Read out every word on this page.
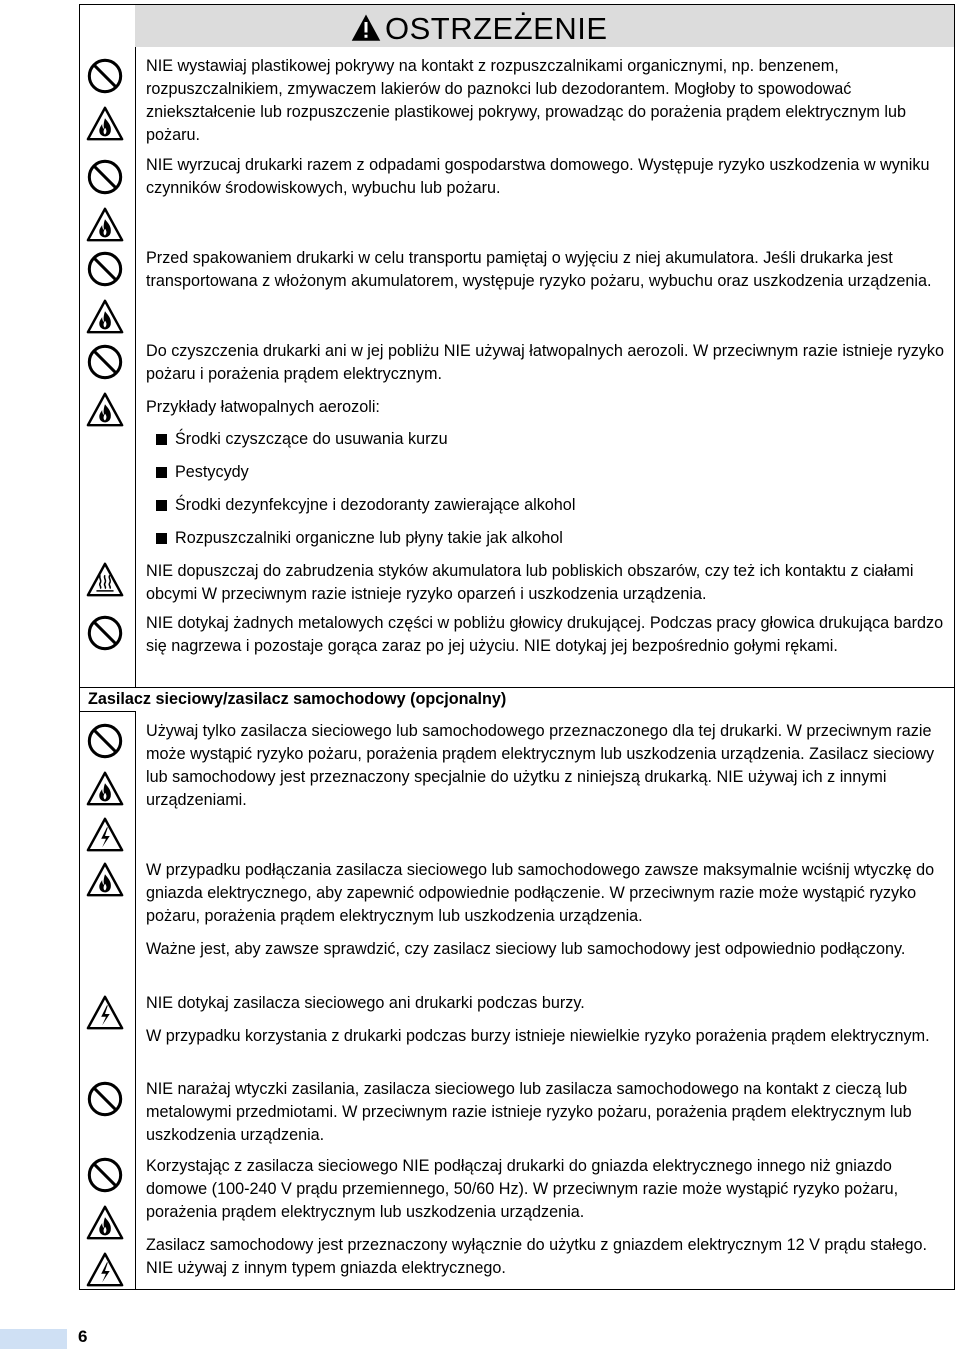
OSTRZEŻENIE

NIE wystawiaj plastikowej pokrywy na kontakt z rozpuszczalnikami organicznymi, np. benzenem, rozpuszczalnikiem, zmywaczem lakierów do paznokci lub dezodorantem. Mogłoby to spowodować zniekształcenie lub rozpuszczenie plastikowej pokrywy, prowadząc do porażenia prądem elektrycznym lub pożaru.

NIE wyrzucaj drukarki razem z odpadami gospodarstwa domowego. Występuje ryzyko uszkodzenia w wyniku czynników środowiskowych, wybuchu lub pożaru.

Przed spakowaniem drukarki w celu transportu pamiętaj o wyjęciu z niej akumulatora. Jeśli drukarka jest transportowana z włożonym akumulatorem, występuje ryzyko pożaru, wybuchu oraz uszkodzenia urządzenia.

Do czyszczenia drukarki ani w jej pobliżu NIE używaj łatwopalnych aerozoli. W przeciwnym razie istnieje ryzyko pożaru i porażenia prądem elektrycznym.

Przykłady łatwopalnych aerozoli:

Środki czyszczące do usuwania kurzu
Pestycydy
Środki dezynfekcyjne i dezodoranty zawierające alkohol
Rozpuszczalniki organiczne lub płyny takie jak alkohol

NIE dopuszczaj do zabrudzenia styków akumulatora lub pobliskich obszarów, czy też ich kontaktu z ciałami obcymi W przeciwnym razie istnieje ryzyko oparzeń i uszkodzenia urządzenia.

NIE dotykaj żadnych metalowych części w pobliżu głowicy drukującej. Podczas pracy głowica drukująca bardzo się nagrzewa i pozostaje gorąca zaraz po jej użyciu. NIE dotykaj jej bezpośrednio gołymi rękami.

Zasilacz sieciowy/zasilacz samochodowy (opcjonalny)

Używaj tylko zasilacza sieciowego lub samochodowego przeznaczonego dla tej drukarki. W przeciwnym razie może wystąpić ryzyko pożaru, porażenia prądem elektrycznym lub uszkodzenia urządzenia. Zasilacz sieciowy lub samochodowy jest przeznaczony specjalnie do użytku z niniejszą drukarką. NIE używaj ich z innymi urządzeniami.

W przypadku podłączania zasilacza sieciowego lub samochodowego zawsze maksymalnie wciśnij wtyczkę do gniazda elektrycznego, aby zapewnić odpowiednie podłączenie. W przeciwnym razie może wystąpić ryzyko pożaru, porażenia prądem elektrycznym lub uszkodzenia urządzenia.

Ważne jest, aby zawsze sprawdzić, czy zasilacz sieciowy lub samochodowy jest odpowiednio podłączony.

NIE dotykaj zasilacza sieciowego ani drukarki podczas burzy.

W przypadku korzystania z drukarki podczas burzy istnieje niewielkie ryzyko porażenia prądem elektrycznym.

NIE narażaj wtyczki zasilania, zasilacza sieciowego lub zasilacza samochodowego na kontakt z cieczą lub metalowymi przedmiotami. W przeciwnym razie istnieje ryzyko pożaru, porażenia prądem elektrycznym lub uszkodzenia urządzenia.

Korzystając z zasilacza sieciowego NIE podłączaj drukarki do gniazda elektrycznego innego niż gniazdo domowe (100-240 V prądu przemiennego, 50/60 Hz). W przeciwnym razie może wystąpić ryzyko pożaru, porażenia prądem elektrycznym lub uszkodzenia urządzenia.

Zasilacz samochodowy jest przeznaczony wyłącznie do użytku z gniazdem elektrycznym 12 V prądu stałego. NIE używaj z innym typem gniazda elektrycznego.

6
